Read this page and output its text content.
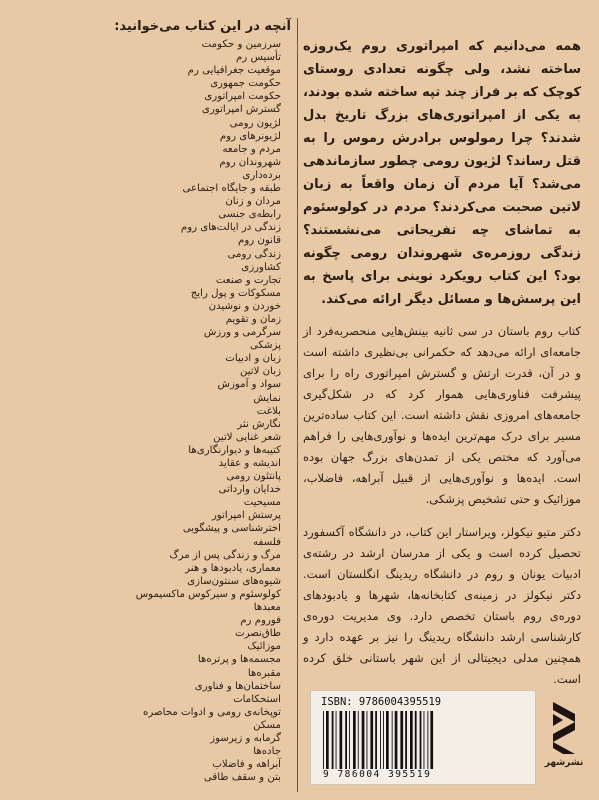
آنچه در این کتاب می‌خوانید:
سرزمین و حکومت
تأسیس رم
موقعیت جغرافیایی رم
حکومت جمهوری
حکومت امپراتوری
گسترش امپراتوری
لژیون رومی
لژیونرهای روم
مردم و جامعه
شهروندان روم
برده‌داری
طبقه و جایگاه اجتماعی
مردان و زنان
رابطه‌ی جنسی
زندگی در ایالت‌های روم
قانون روم
زندگی رومی
کشاورزی
تجارت و صنعت
مسکوکات و پول رایج
خوردن و نوشیدن
زمان و تقویم
سرگرمی و ورزش
پزشکی
زبان و ادبیات
زبان لاتین
سواد و آموزش
نمایش
بلاغت
نگارش نثر
شعر غنایی لاتین
کتیبه‌ها و دیوارنگاری‌ها
اندیشه و عقاید
پانتئون رومی
خدایان وارداتی
مسیحیت
پرستش امپراتور
اخترشناسی و پیشگویی
فلسفه
مرگ و زندگی پس از مرگ
معماری، یادبودها و هنر
شیوه‌های سنتون‌سازی
کولوسئوم و سیرکوس ماکسیموس
معبدها
فوروم رم
طاق‌نصرت
موزائیک
مجسمه‌ها و پرتره‌ها
مقبره‌ها
ساختمان‌ها و فناوری
استحکامات
توپخانه‌ی رومی و ادوات محاصره
مسکن
گرمابه و زیرسوز
جاده‌ها
آبراهه و فاضلاب
بتن و سقف طاقی

همه می‌دانیم که امپراتوری روم یک‌روزه ساخته نشد، ولی چگونه تعدادی روستای کوچک که بر فراز چند تپه ساخته شده بودند، به یکی از امپراتوری‌های بزرگ تاریخ بدل شدند؟ چرا رمولوس برادرش رموس را به قتل رساند؟ لژیون رومی چطور سازماندهی می‌شد؟ آیا مردم آن زمان واقعاً به زبان لاتین صحبت می‌کردند؟ مردم در کولوسئوم به تماشای چه تفریحاتی می‌نشستند؟ زندگی روزمره‌ی شهروندان رومی چگونه بود؟ این کتاب رویکرد نوینی برای پاسخ به این پرسش‌ها و مسائل دیگر ارائه می‌کند.

کتاب روم باستان در سی ثانیه بینش‌هایی منحصربه‌فرد از جامعه‌ای ارائه می‌دهد که حکمرانی بی‌نظیری داشته است و در آن، قدرت ارتش و گسترش امپراتوری راه را برای پیشرفت فناوری‌هایی هموار کرد که در شکل‌گیری جامعه‌های امروزی نقش داشته است. این کتاب ساده‌ترین مسیر برای درک مهم‌ترین ایده‌ها و نوآوری‌هایی را فراهم می‌آورد که مختص یکی از تمدن‌های بزرگ جهان بوده است. ایده‌ها و نوآوری‌هایی از قبیل آبراهه، فاضلاب، موزائیک و حتی تشخیص پزشکی.

دکتر متیو نیکولز، ویراستار این کتاب، در دانشگاه آکسفورد تحصیل کرده است و یکی از مدرسان ارشد در رشته‌ی ادبیات یونان و روم در دانشگاه ریدینگ انگلستان است. دکتر نیکولز در زمینه‌ی کتابخانه‌ها، شهرها و یادبودهای دوره‌ی روم باستان تخصص دارد. وی مدیریت دوره‌ی کارشناسی ارشد دانشگاه ریدینگ را نیز بر عهده دارد و همچنین مدلی دیجیتالی از این شهر باستانی خلق کرده است.

ISBN: 9786004395519
9 786004 395519
نشر‌شهر
